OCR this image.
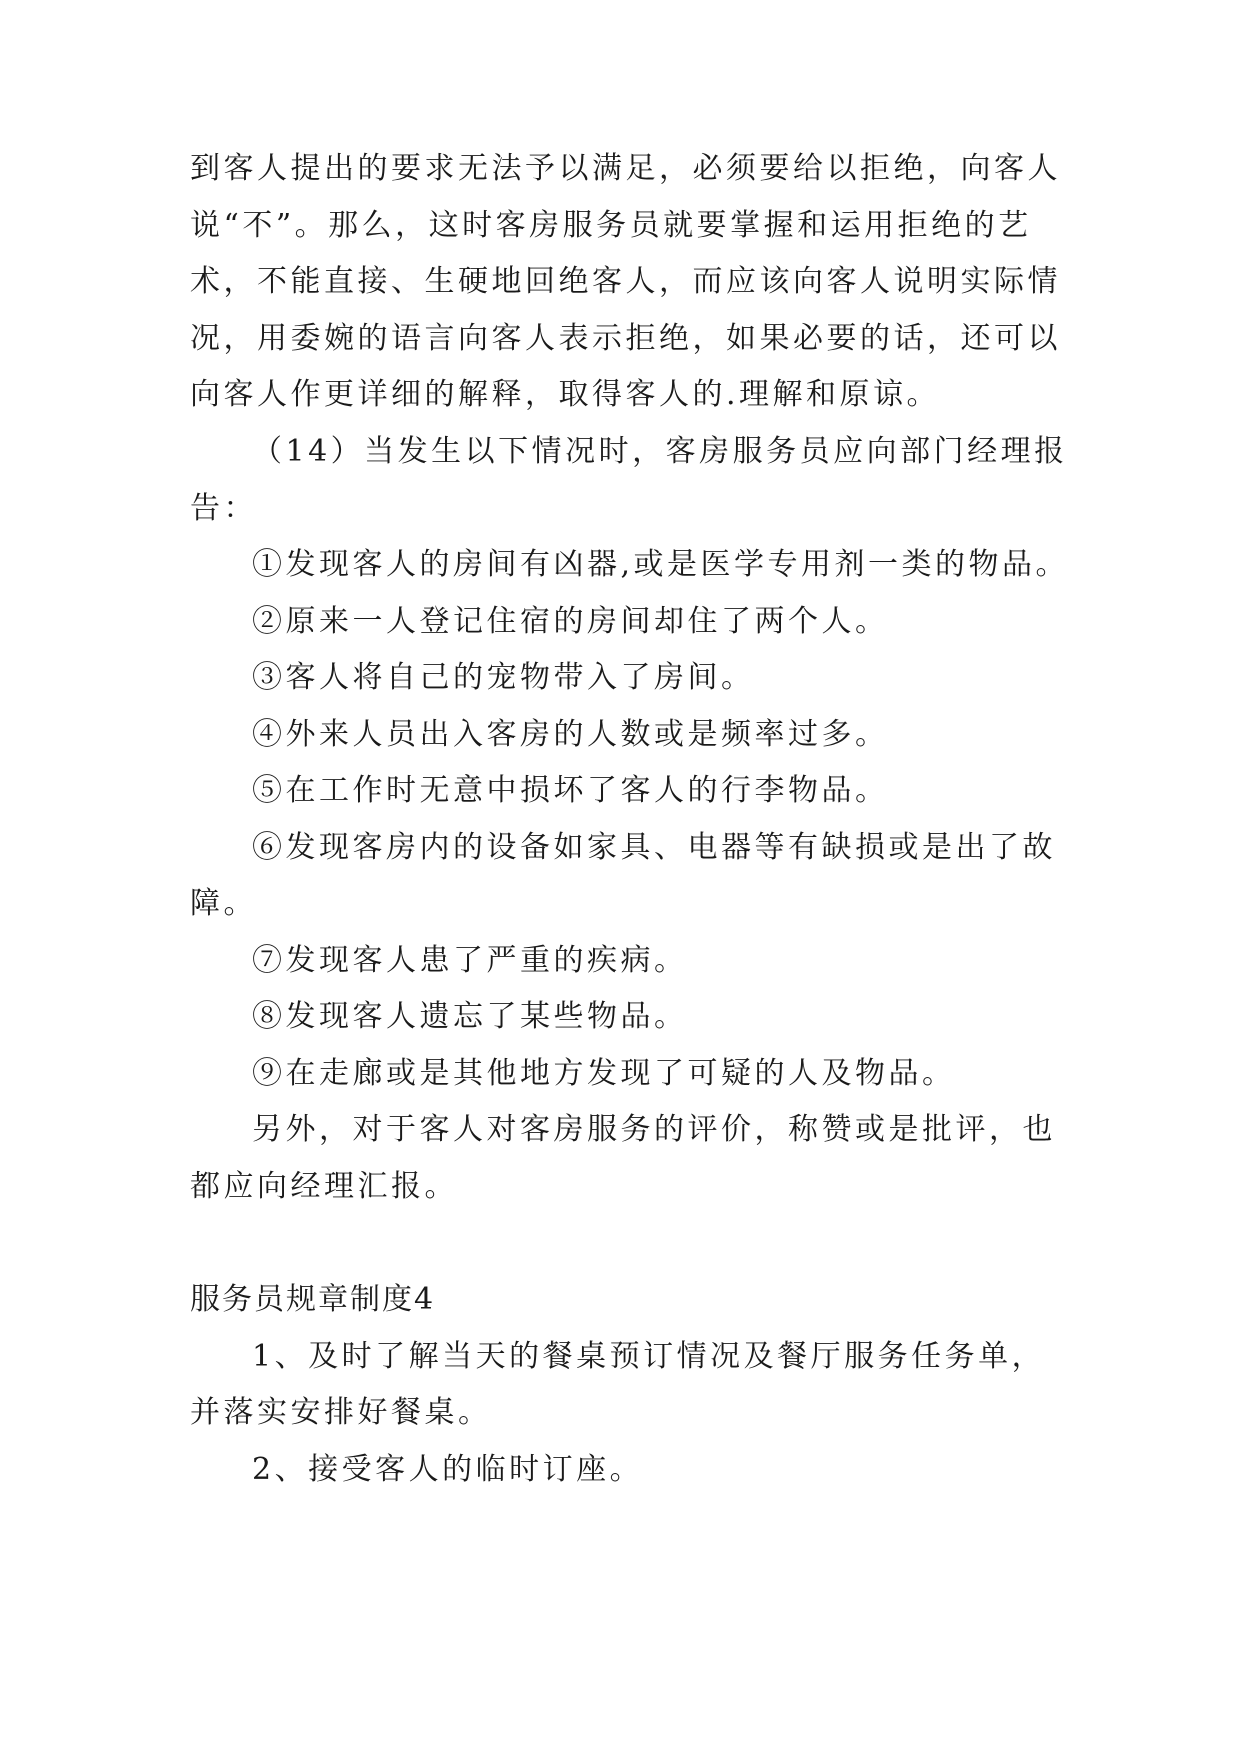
到客人提出的要求无法予以满足，必须要给以拒绝，向客人
说“不”。那么，这时客房服务员就要掌握和运用拒绝的艺
术，不能直接、生硬地回绝客人，而应该向客人说明实际情
况，用委婉的语言向客人表示拒绝，如果必要的话，还可以
向客人作更详细的解释，取得客人的.理解和原谅。
（14）当发生以下情况时，客房服务员应向部门经理报
告：
①发现客人的房间有凶器,或是医学专用剂一类的物品。
②原来一人登记住宿的房间却住了两个人。
③客人将自己的宠物带入了房间。
④外来人员出入客房的人数或是频率过多。
⑤在工作时无意中损坏了客人的行李物品。
⑥发现客房内的设备如家具、电器等有缺损或是出了故
障。
⑦发现客人患了严重的疾病。
⑧发现客人遗忘了某些物品。
⑨在走廊或是其他地方发现了可疑的人及物品。
另外，对于客人对客房服务的评价，称赞或是批评，也
都应向经理汇报。
服务员规章制度4
1、及时了解当天的餐桌预订情况及餐厅服务任务单，
并落实安排好餐桌。
2、接受客人的临时订座。
